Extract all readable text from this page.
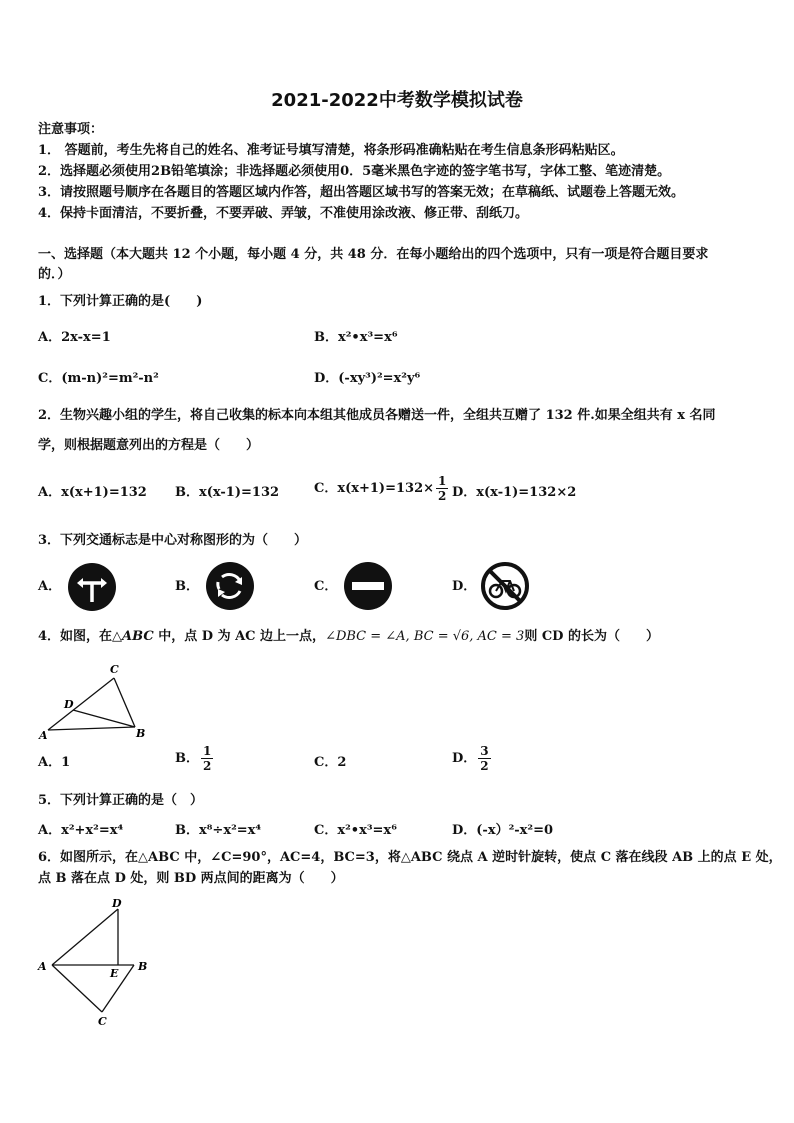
2021-2022中考数学模拟试卷
注意事项：
1． 答题前，考生先将自己的姓名、准考证号填写清楚，将条形码准确粘贴在考生信息条形码粘贴区。
2．选择题必须使用2B铅笔填涂；非选择题必须使用0．5毫米黑色字迹的签字笔书写，字体工整、笔迹清楚。
3．请按照题号顺序在各题目的答题区域内作答，超出答题区域书写的答案无效；在草稿纸、试题卷上答题无效。
4．保持卡面清洁，不要折叠，不要弄破、弄皱，不准使用涂改液、修正带、刮纸刀。
一、选择题（本大题共 12 个小题，每小题 4 分，共 48 分．在每小题给出的四个选项中，只有一项是符合题目要求
的．）
1．下列计算正确的是(　　)
A．2x-x=1	B．x²•x³=x⁶
C．(m-n)²=m²-n²	D．(-xy³)²=x²y⁶
2．生物兴趣小组的学生，将自己收集的标本向本组其他成员各赠送一件，全组共互赠了 132 件.如果全组共有 x 名同
学，则根据题意列出的方程是（　　）
A．x(x+1)=132 B．x(x-1)=132	C．$x(x+1)=132\times \frac{1}{2}$ D．x(x-1)=132×2
3．下列交通标志是中心对称图形的为（　　）
A．	B．	C．	D．
4．如图，在△ABC 中，点 D 为 AC 边上一点，∠DBC = ∠A, BC = √6, AC = 3则 CD 的长为（　　）
C
D
A	B
A．1	B． $\frac{1}{2}$	C．2	D． $\frac{3}{2}$
5．下列计算正确的是（　）
A．x²+x²=x⁴	B．x⁸÷x²=x⁴	C．x²•x³=x⁶	D．(-x）²-x²=0
6．如图所示，在△ABC 中，∠C=90°，AC=4，BC=3，将△ABC 绕点 A 逆时针旋转，使点 C 落在线段 AB 上的点 E 处，
点 B 落在点 D 处，则 BD 两点间的距离为（　　）
D
A
E
B
C
